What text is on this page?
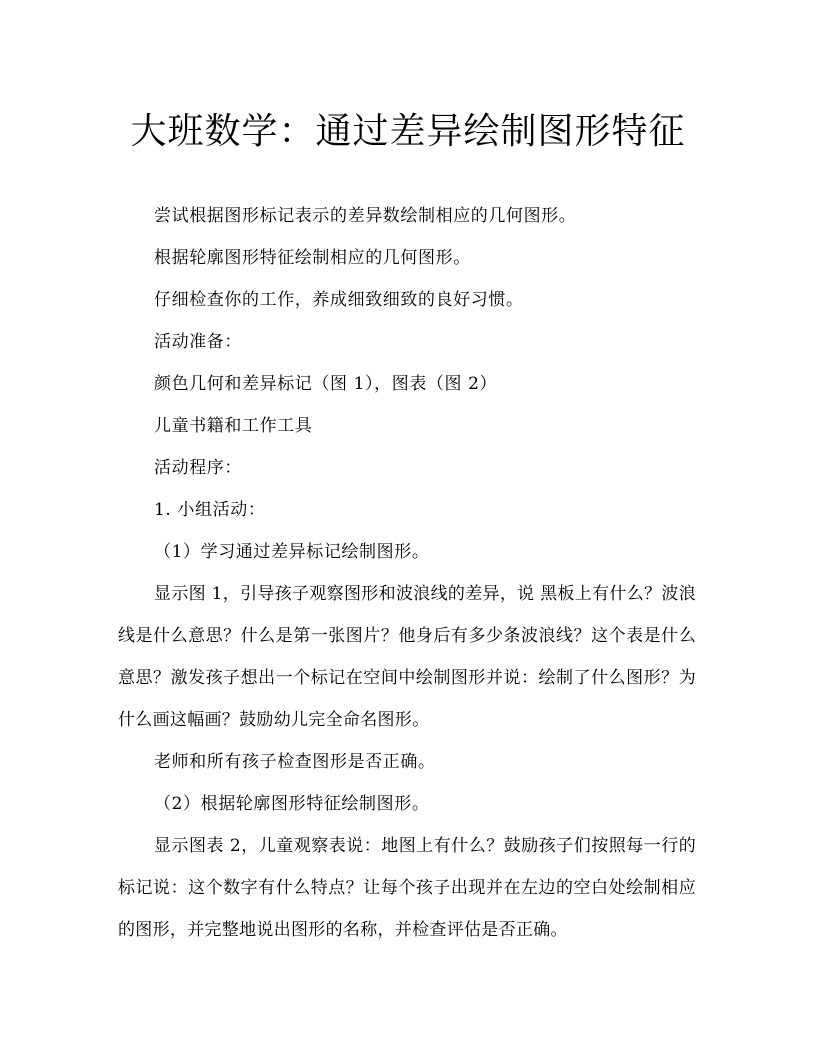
大班数学：通过差异绘制图形特征

尝试根据图形标记表示的差异数绘制相应的几何图形。

根据轮廓图形特征绘制相应的几何图形。

仔细检查你的工作，养成细致细致的良好习惯。

活动准备：

颜色几何和差异标记（图 1），图表（图 2）

儿童书籍和工作工具

活动程序：

1. 小组活动：

（1）学习通过差异标记绘制图形。

显示图 1，引导孩子观察图形和波浪线的差异，说 黑板上有什么？波浪线是什么意思？什么是第一张图片？他身后有多少条波浪线？这个表是什么意思？激发孩子想出一个标记在空间中绘制图形并说：绘制了什么图形？为什么画这幅画？鼓励幼儿完全命名图形。

老师和所有孩子检查图形是否正确。

（2）根据轮廓图形特征绘制图形。

显示图表 2，儿童观察表说：地图上有什么？鼓励孩子们按照每一行的标记说：这个数字有什么特点？让每个孩子出现并在左边的空白处绘制相应的图形，并完整地说出图形的名称，并检查评估是否正确。
